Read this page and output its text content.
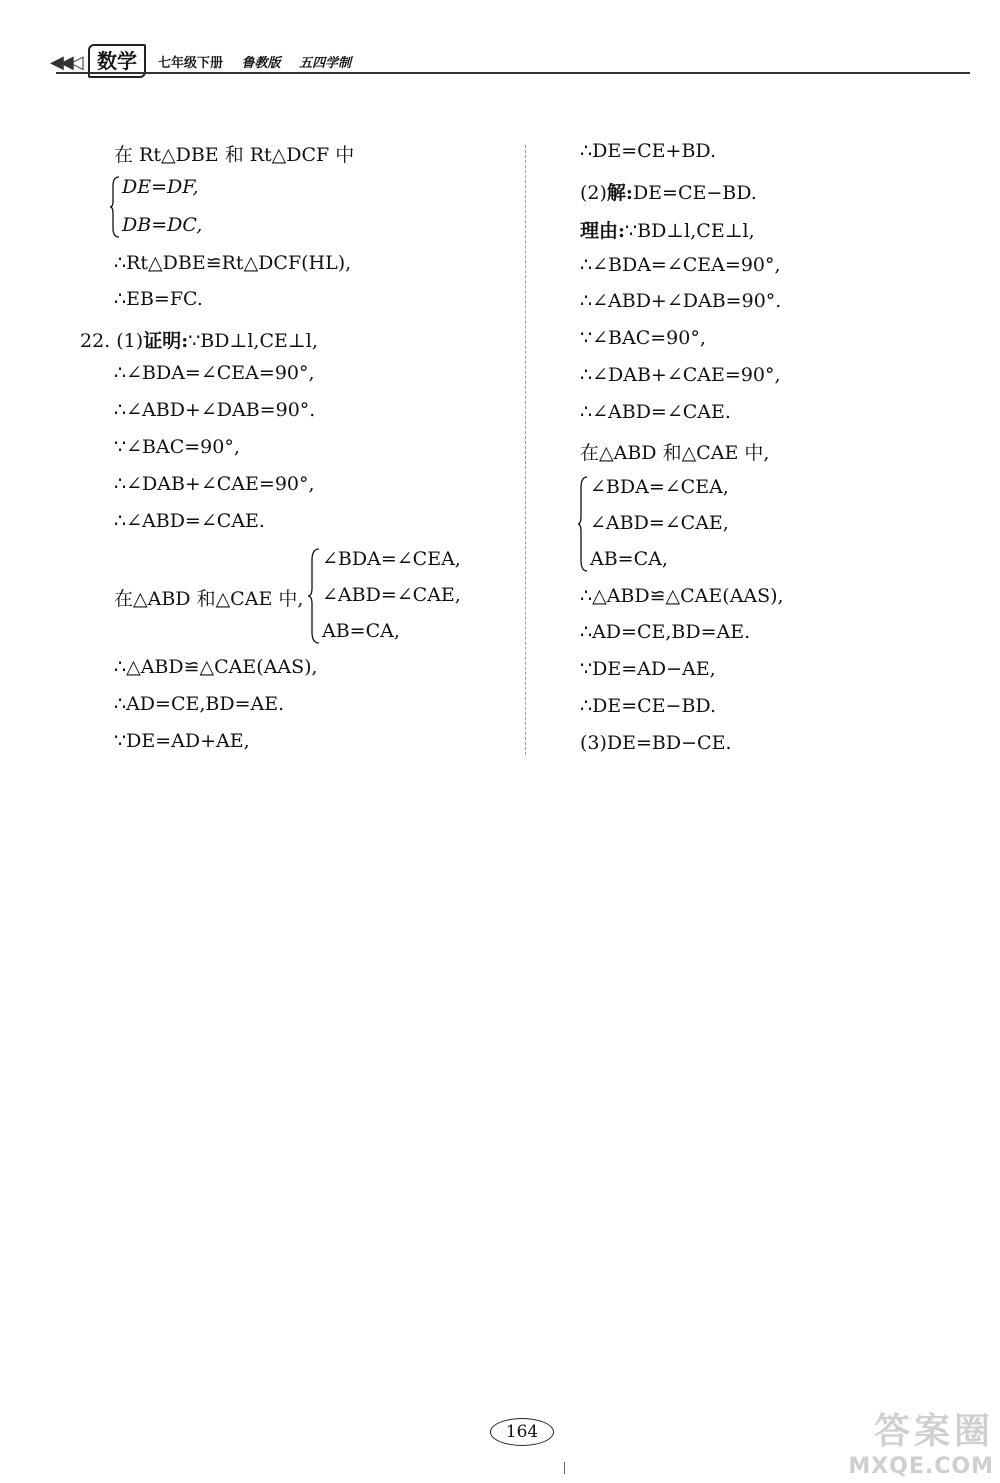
◀◀◁ 数学	七年级下册 鲁教版 五四学制
在 Rt△DBE 和 Rt△DCF 中
DE=DF,
DB=DC,
∴Rt△DBE≌Rt△DCF(HL),
∴EB=FC.
22. (1)证明:∵BD⊥l,CE⊥l,
∴∠BDA=∠CEA=90°,
∴∠ABD+∠DAB=90°.
∵∠BAC=90°,
∴∠DAB+∠CAE=90°,
∴∠ABD=∠CAE.
在△ABD 和△CAE 中,
∠BDA=∠CEA,
∠ABD=∠CAE,
AB=CA,
∴△ABD≌△CAE(AAS),
∴AD=CE,BD=AE.
∵DE=AD+AE,
∴DE=CE+BD.
(2)解:DE=CE−BD.
理由:∵BD⊥l,CE⊥l,
∴∠BDA=∠CEA=90°,
∴∠ABD+∠DAB=90°.
∵∠BAC=90°,
∴∠DAB+∠CAE=90°,
∴∠ABD=∠CAE.
在△ABD 和△CAE 中,
∠BDA=∠CEA,
∠ABD=∠CAE,
AB=CA,
∴△ABD≌△CAE(AAS),
∴AD=CE,BD=AE.
∵DE=AD−AE,
∴DE=CE−BD.
(3)DE=BD−CE.
164	答案圈
MXQE.COM
